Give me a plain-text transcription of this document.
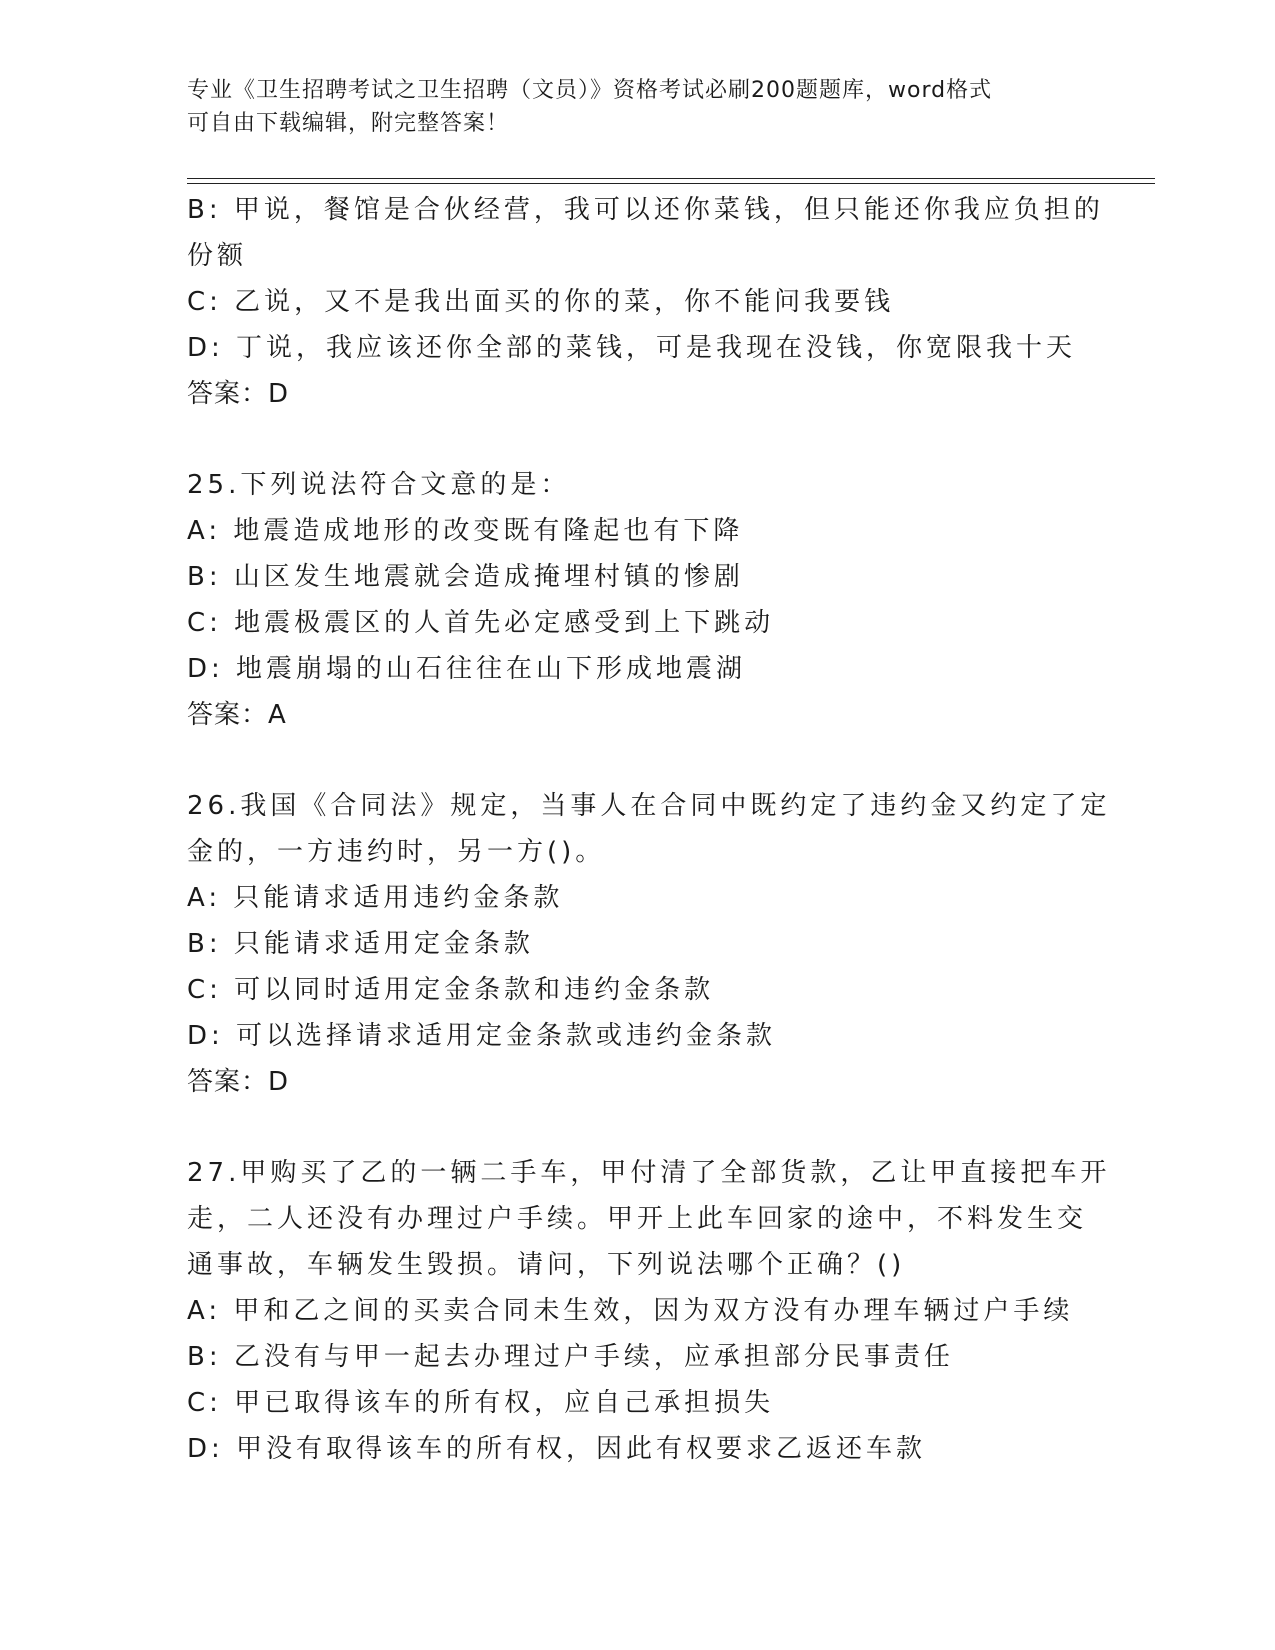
专业《卫生招聘考试之卫生招聘（文员）》资格考试必刷200题题库，word格式
可自由下载编辑，附完整答案！
B: 甲说，餐馆是合伙经营，我可以还你菜钱，但只能还你我应负担的
份额
C: 乙说，又不是我出面买的你的菜，你不能问我要钱
D: 丁说，我应该还你全部的菜钱，可是我现在没钱，你宽限我十天
答案：D
25.下列说法符合文意的是：
A: 地震造成地形的改变既有隆起也有下降
B: 山区发生地震就会造成掩埋村镇的惨剧
C: 地震极震区的人首先必定感受到上下跳动
D: 地震崩塌的山石往往在山下形成地震湖
答案：A
26.我国《合同法》规定，当事人在合同中既约定了违约金又约定了定
金的，一方违约时，另一方()。
A: 只能请求适用违约金条款
B: 只能请求适用定金条款
C: 可以同时适用定金条款和违约金条款
D: 可以选择请求适用定金条款或违约金条款
答案：D
27.甲购买了乙的一辆二手车，甲付清了全部货款，乙让甲直接把车开
走，二人还没有办理过户手续。甲开上此车回家的途中，不料发生交
通事故，车辆发生毁损。请问，下列说法哪个正确？()
A: 甲和乙之间的买卖合同未生效，因为双方没有办理车辆过户手续
B: 乙没有与甲一起去办理过户手续，应承担部分民事责任
C: 甲已取得该车的所有权，应自己承担损失
D: 甲没有取得该车的所有权，因此有权要求乙返还车款
